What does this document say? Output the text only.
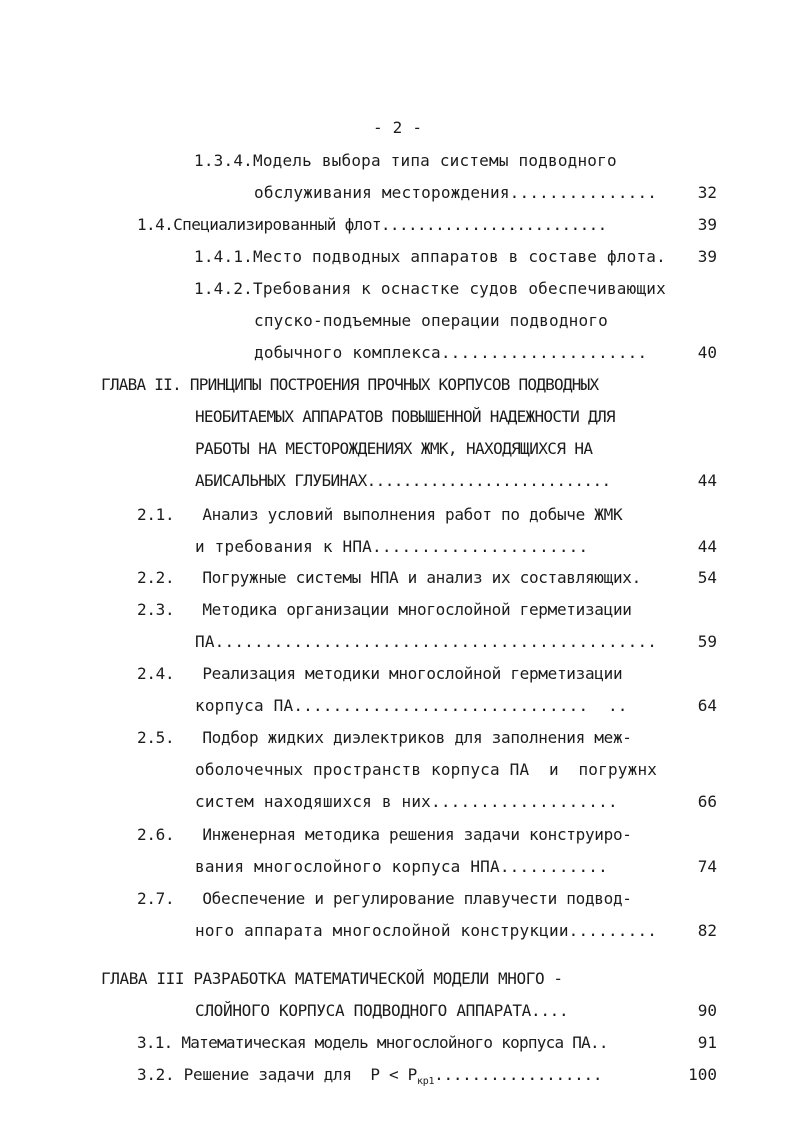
- 2 -
1.3.4.Модель выбора типа системы подводного
обслуживания месторождения...............	32
1.4.Специализированный флот.........................	39
1.4.1.Место подводных аппаратов в составе флота.	39
1.4.2.Требования к оснастке судов обеспечивающих
спуско-подъемные операции подводного
добычного комплекса.....................	40
ГЛАВА II. ПРИНЦИПЫ ПОСТРОЕНИЯ ПРОЧНЫХ КОРПУСОВ ПОДВОДНЫХ
НЕОБИТАЕМЫХ АППАРАТОВ ПОВЫШЕННОЙ НАДЕЖНОСТИ ДЛЯ
РАБОТЫ НА МЕСТОРОЖДЕНИЯХ ЖМК, НАХОДЯЩИХСЯ НА
АБИСАЛЬНЫХ ГЛУБИНАХ...........................	44
2.1.   Анализ условий выполнения работ по добыче ЖМК
и требования к НПА......................	44
2.2.   Погружные системы НПА и анализ их составляющих.	54
2.3.   Методика организации многослойной герметизации
ПА.............................................	59
2.4.   Реализация методики многослойной герметизации
корпуса ПА..............................  ..	64
2.5.   Подбор жидких диэлектриков для заполнения меж-
оболочечных пространств корпуса ПА  и  погружнх
систем находяшихся в них...................	66
2.6.   Инженерная методика решения задачи конструиро-
вания многослойного корпуса НПА...........	74
2.7.   Обеспечение и регулирование плавучести подвод-
ного аппарата многослойной конструкции.........	82
ГЛАВА III РАЗРАБОТКА МАТЕМАТИЧЕСКОЙ МОДЕЛИ МНОГО -
СЛОЙНОГО КОРПУСА ПОДВОДНОГО АППАРАТА....	90
3.1. Математическая модель многослойного корпуса ПА..	91
3.2. Решение задачи для  $P < P_{кр1}$..................	100
